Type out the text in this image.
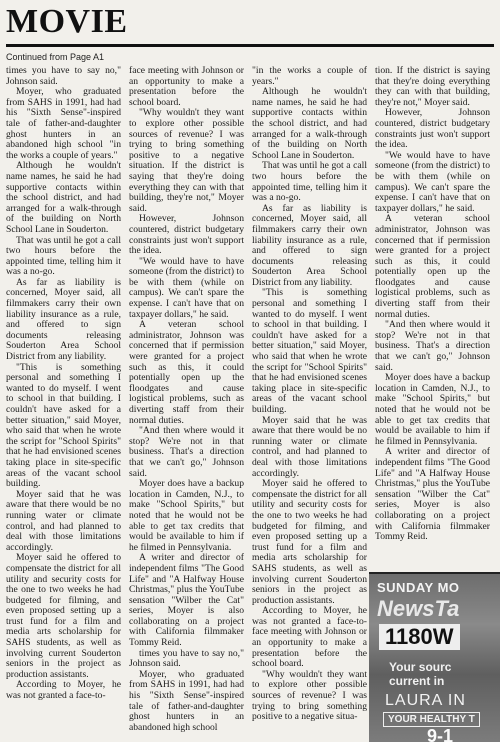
MOVIE
Continued from Page A1

times you have to say no," Johnson said.

Moyer, who graduated from SAHS in 1991, had had his "Sixth Sense"-inspired tale of father-and-daughter ghost hunters in an abandoned high school "in the works a couple of years."

Although he wouldn't name names, he said he had supportive contacts within the school district, and had arranged for a walk-through of the building on North School Lane in Souderton.

That was until he got a call two hours before the appointed time, telling him it was a no-go.

As far as liability is concerned, Moyer said, all filmmakers carry their own liability insurance as a rule, and offered to sign documents releasing Souderton Area School District from any liability.

"This is something personal and something I wanted to do myself. I went to school in that building. I couldn't have asked for a better situation," said Moyer, who said that when he wrote the script for "School Spirits" that he had envisioned scenes taking place in site-specific areas of the vacant school building.

Moyer said that he was aware that there would be no running water or climate control, and had planned to deal with those limitations accordingly.

Moyer said he offered to compensate the district for all utility and security costs for the one to two weeks he had budgeted for filming, and even proposed setting up a trust fund for a film and media arts scholarship for SAHS students, as well as involving current Souderton seniors in the project as production assistants.

According to Moyer, he was not granted a face-to-

face meeting with Johnson or an opportunity to make a presentation before the school board.

"Why wouldn't they want to explore other possible sources of revenue? I was trying to bring something positive to a negative situation. If the district is saying that they're doing everything they can with that building, they're not," Moyer said.

However, Johnson countered, district budgetary constraints just won't support the idea.

"We would have to have someone (from the district) to be with them (while on campus). We can't spare the expense. I can't have that on taxpayer dollars," he said.

A veteran school administrator, Johnson was concerned that if permission were granted for a project such as this, it could potentially open up the floodgates and cause logistical problems, such as diverting staff from their normal duties.

"And then where would it stop? We're not in that business. That's a direction that we can't go," Johnson said.

Moyer does have a backup location in Camden, N.J., to make "School Spirits," but noted that he would not be able to get tax credits that would be available to him if he filmed in Pennsylvania.

A writer and director of independent films "The Good Life" and "A Halfway House Christmas," plus the YouTube sensation "Wilber the Cat" series, Moyer is also collaborating on a project with California filmmaker Tommy Reid.

times you have to say no," Johnson said.

Moyer, who graduated from SAHS in 1991, had had his "Sixth Sense"-inspired tale of father-and-daughter ghost hunters in an abandoned high school

"in the works a couple of years."

Although he wouldn't name names, he said he had supportive contacts within the school district, and had arranged for a walk-through of the building on North School Lane in Souderton.

That was until he got a call two hours before the appointed time, telling him it was a no-go.

As far as liability is concerned, Moyer said, all filmmakers carry their own liability insurance as a rule, and offered to sign documents releasing Souderton Area School District from any liability.

"This is something personal and something I wanted to do myself. I went to school in that building. I couldn't have asked for a better situation," said Moyer, who said that when he wrote the script for "School Spirits" that he had envisioned scenes taking place in site-specific areas of the vacant school building.

Moyer said that he was aware that there would be no running water or climate control, and had planned to deal with those limitations accordingly.

Moyer said he offered to compensate the district for all utility and security costs for the one to two weeks he had budgeted for filming, and even proposed setting up a trust fund for a film and media arts scholarship for SAHS students, as well as involving current Souderton seniors in the project as production assistants.

According to Moyer, he was not granted a face-to-face meeting with Johnson or an opportunity to make a presentation before the school board.

"Why wouldn't they want to explore other possible sources of revenue? I was trying to bring something positive to a negative situa-

tion. If the district is saying that they're doing everything they can with that building, they're not," Moyer said.

However, Johnson countered, district budgetary constraints just won't support the idea.

"We would have to have someone (from the district) to be with them (while on campus). We can't spare the expense. I can't have that on taxpayer dollars," he said.

A veteran school administrator, Johnson was concerned that if permission were granted for a project such as this, it could potentially open up the floodgates and cause logistical problems, such as diverting staff from their normal duties.

"And then where would it stop? We're not in that business. That's a direction that we can't go," Johnson said.

Moyer does have a backup location in Camden, N.J., to make "School Spirits," but noted that he would not be able to get tax credits that would be available to him if he filmed in Pennsylvania.

A writer and director of independent films "The Good Life" and "A Halfway House Christmas," plus the YouTube sensation "Wilber the Cat" series, Moyer is also collaborating on a project with California filmmaker Tommy Reid.

SUNDAY MO
NewsTa
1180W
Your sourc
current in
LAURA IN
YOUR HEALTHY T
9-1
